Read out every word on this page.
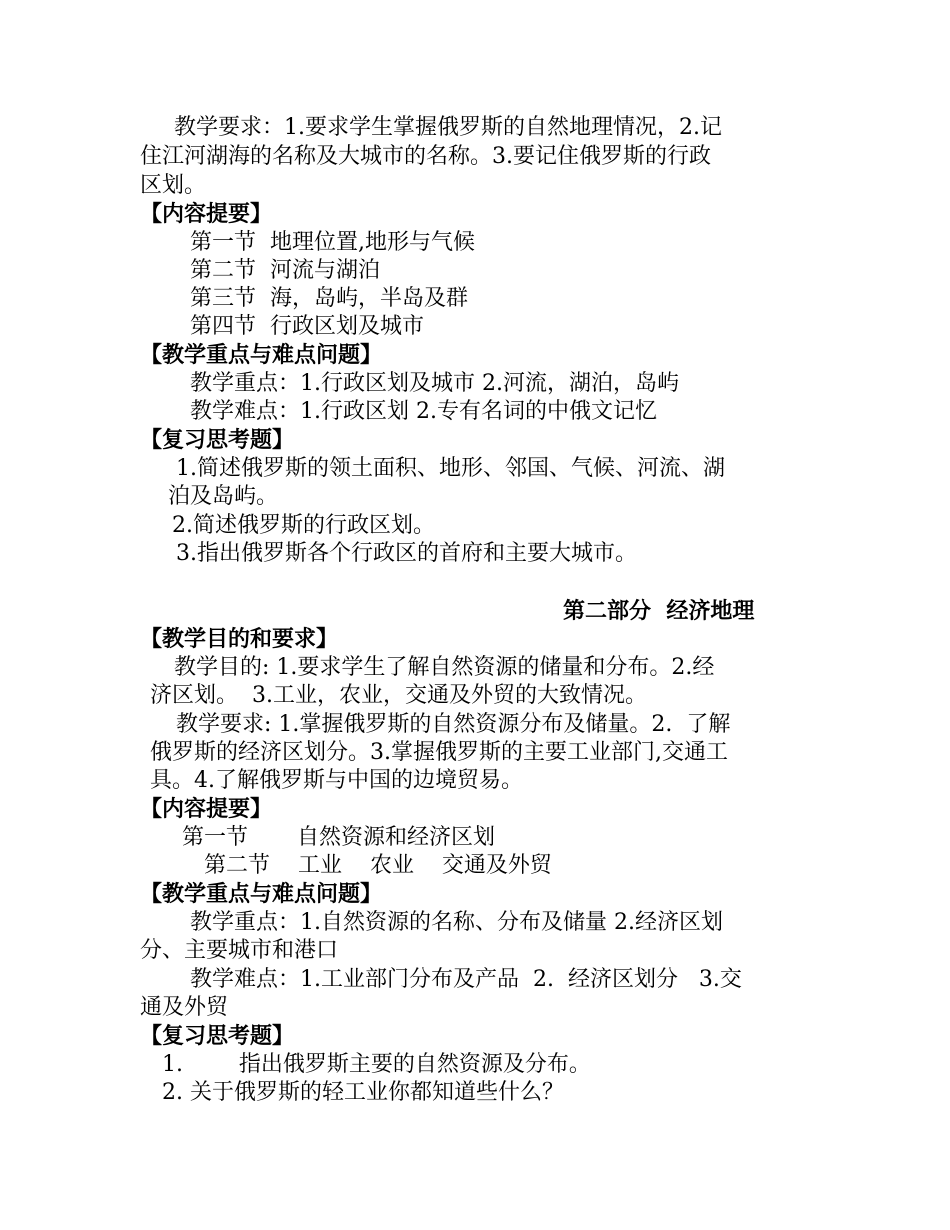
教学要求：1.要求学生掌握俄罗斯的自然地理情况，2.记
住江河湖海的名称及大城市的名称。3.要记住俄罗斯的行政
区划。
【内容提要】
第一节  地理位置,地形与气候
第二节  河流与湖泊
第三节  海，岛屿，半岛及群
第四节  行政区划及城市
【教学重点与难点问题】
教学重点：1.行政区划及城市 2.河流，湖泊，岛屿
教学难点：1.行政区划 2.专有名词的中俄文记忆
【复习思考题】
1.简述俄罗斯的领土面积、地形、邻国、气候、河流、湖
泊及岛屿。
2.简述俄罗斯的行政区划。
3.指出俄罗斯各个行政区的首府和主要大城市。
第二部分  经济地理
【教学目的和要求】
教学目的: 1.要求学生了解自然资源的储量和分布。2.经
济区划。  3.工业，农业，交通及外贸的大致情况。
教学要求: 1.掌握俄罗斯的自然资源分布及储量。2.  了解
俄罗斯的经济区划分。3.掌握俄罗斯的主要工业部门,交通工
具。4.了解俄罗斯与中国的边境贸易。
【内容提要】
第一节       自然资源和经济区划
第二节    工业    农业    交通及外贸
【教学重点与难点问题】
教学重点：1.自然资源的名称、分布及储量 2.经济区划
分、主要城市和港口
教学难点：1.工业部门分布及产品  2.  经济区划分   3.交
通及外贸
【复习思考题】
1.        指出俄罗斯主要的自然资源及分布。
2. 关于俄罗斯的轻工业你都知道些什么？
